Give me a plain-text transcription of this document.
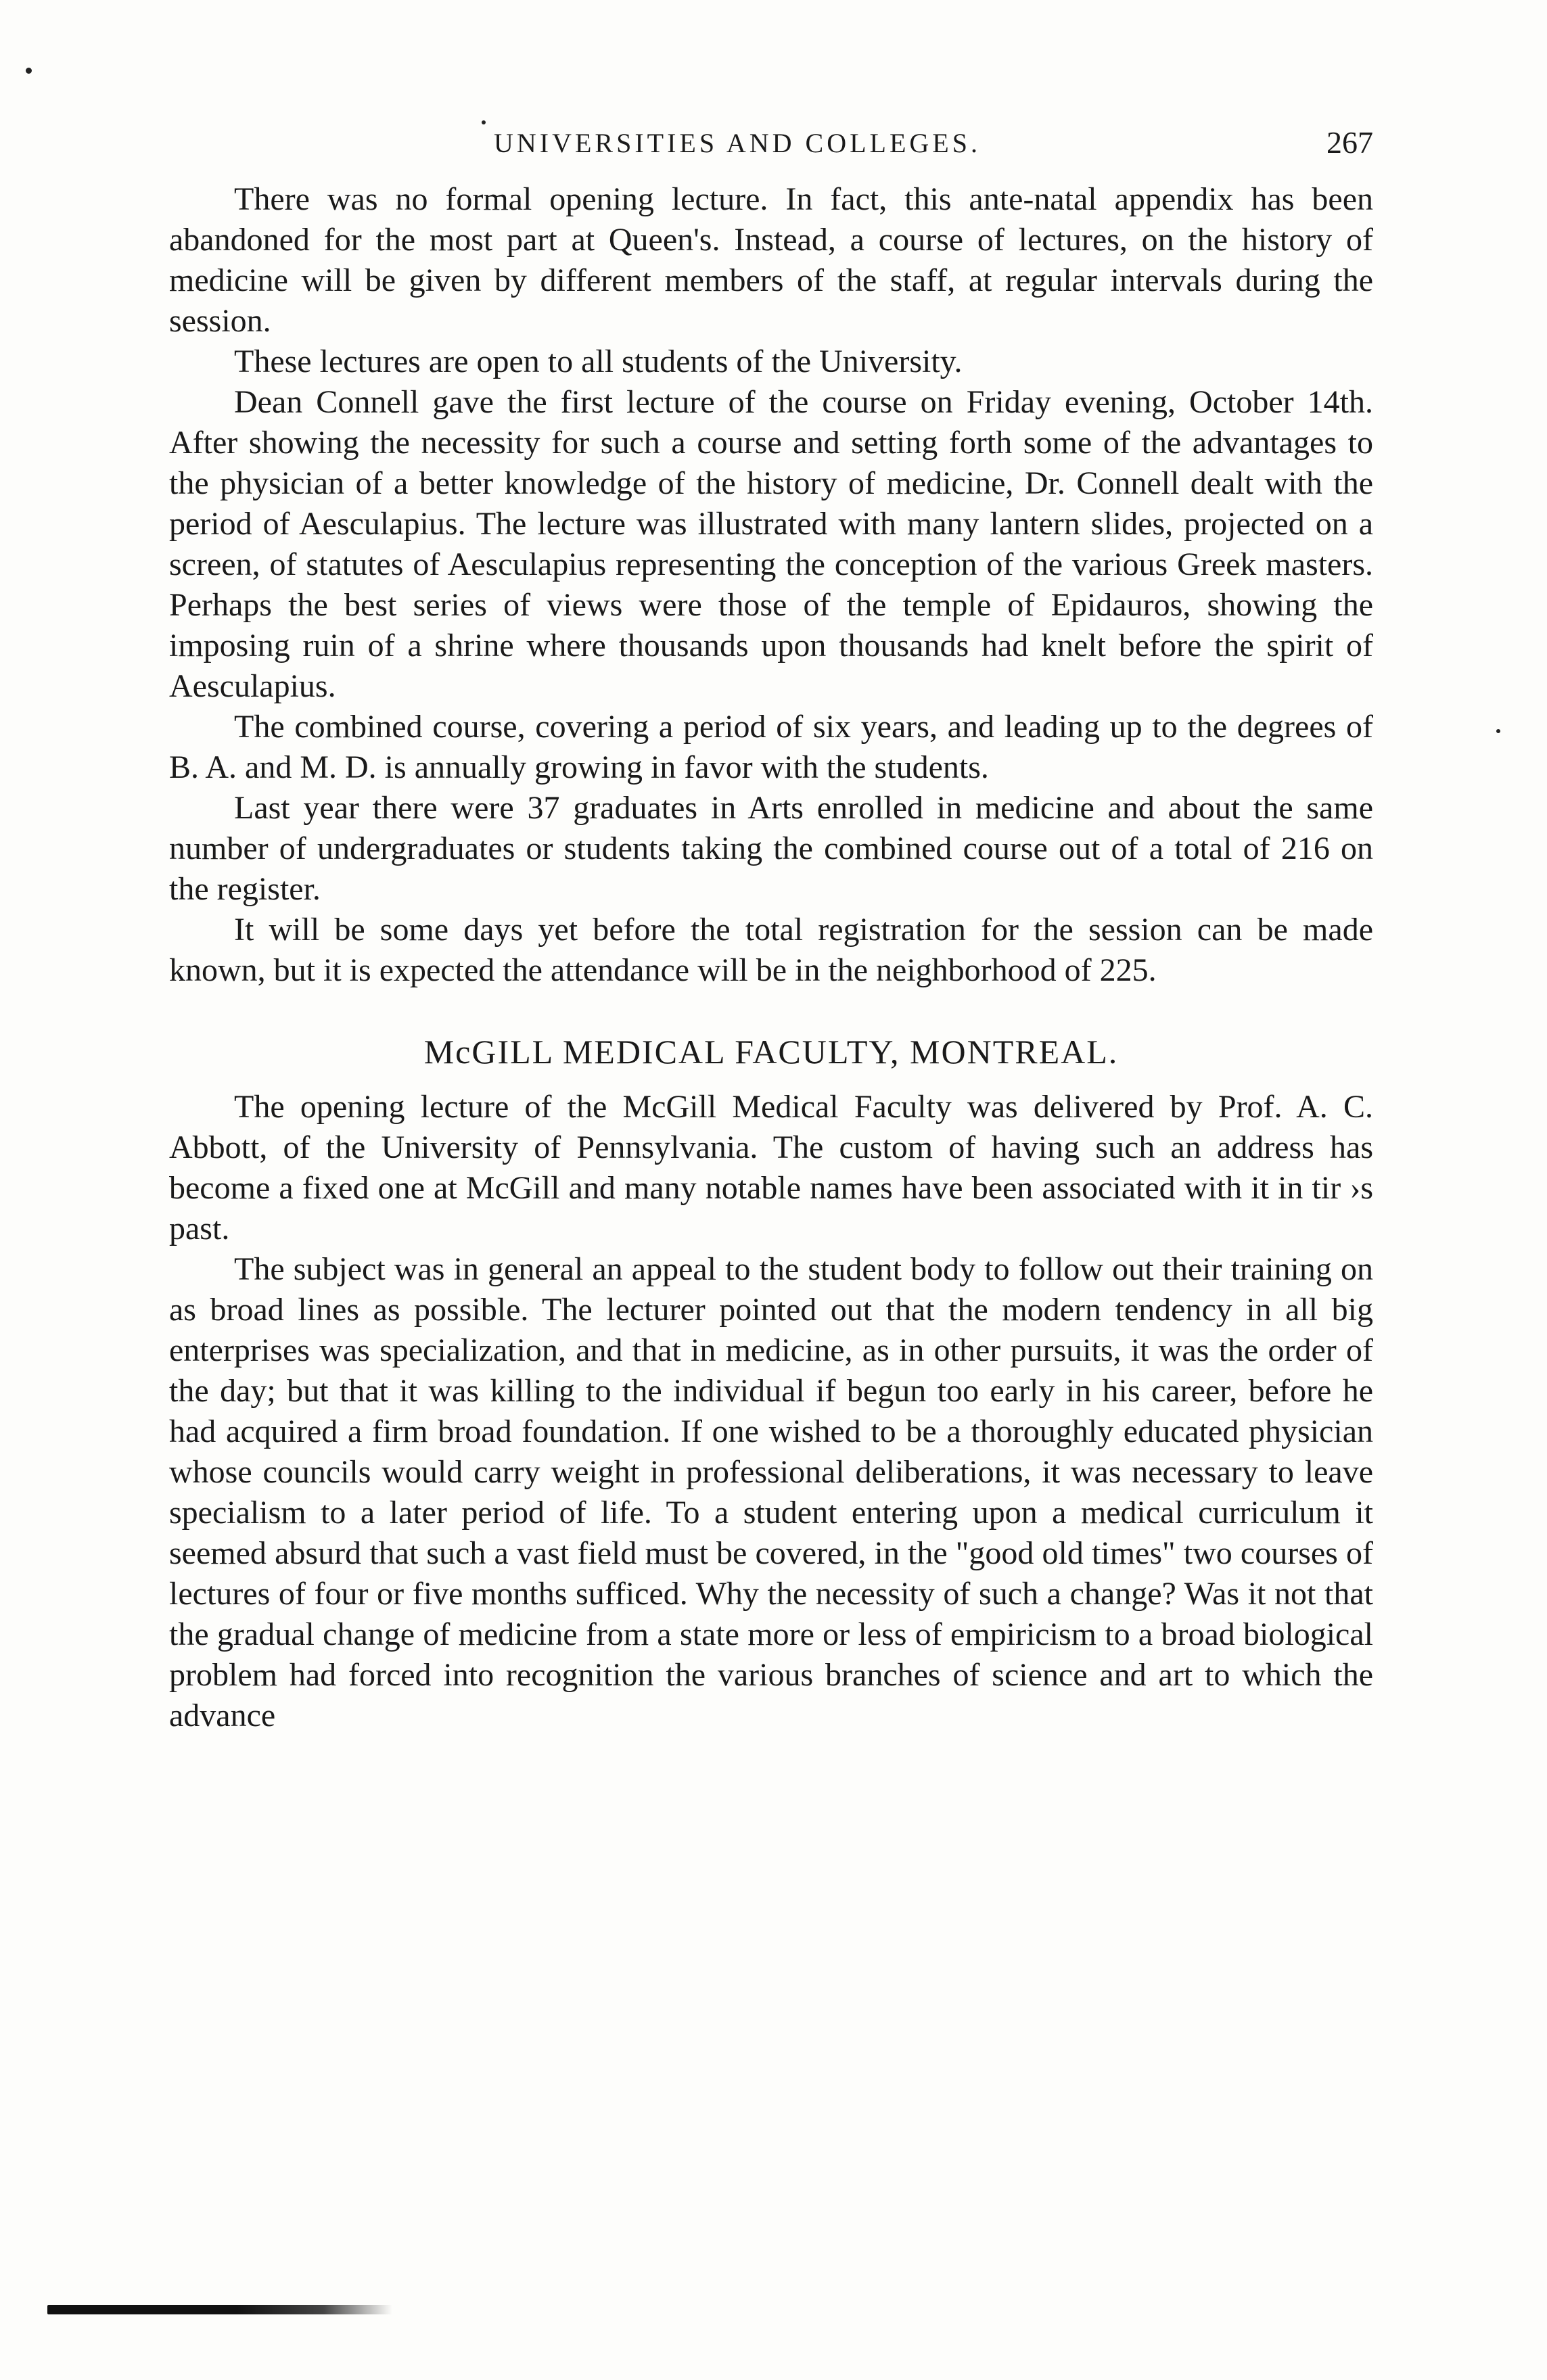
UNIVERSITIES AND COLLEGES.	267

There was no formal opening lecture. In fact, this ante-natal appendix has been abandoned for the most part at Queen's. Instead, a course of lectures, on the history of medicine will be given by different members of the staff, at regular intervals during the session.

These lectures are open to all students of the University.

Dean Connell gave the first lecture of the course on Friday evening, October 14th. After showing the necessity for such a course and setting forth some of the advantages to the physician of a better knowledge of the history of medicine, Dr. Connell dealt with the period of Aesculapius. The lecture was illustrated with many lantern slides, projected on a screen, of statutes of Aesculapius representing the conception of the various Greek masters. Perhaps the best series of views were those of the temple of Epidauros, showing the imposing ruin of a shrine where thousands upon thousands had knelt before the spirit of Aesculapius.

The combined course, covering a period of six years, and leading up to the degrees of B. A. and M. D. is annually growing in favor with the students.

Last year there were 37 graduates in Arts enrolled in medicine and about the same number of undergraduates or students taking the combined course out of a total of 216 on the register.

It will be some days yet before the total registration for the session can be made known, but it is expected the attendance will be in the neighborhood of 225.

McGILL MEDICAL FACULTY, MONTREAL.

The opening lecture of the McGill Medical Faculty was delivered by Prof. A. C. Abbott, of the University of Pennsylvania. The custom of having such an address has become a fixed one at McGill and many notable names have been associated with it in tir ›s past.

The subject was in general an appeal to the student body to follow out their training on as broad lines as possible. The lecturer pointed out that the modern tendency in all big enterprises was specialization, and that in medicine, as in other pursuits, it was the order of the day; but that it was killing to the individual if begun too early in his career, before he had acquired a firm broad foundation. If one wished to be a thoroughly educated physician whose councils would carry weight in professional deliberations, it was necessary to leave specialism to a later period of life. To a student entering upon a medical curriculum it seemed absurd that such a vast field must be covered, in the "good old times" two courses of lectures of four or five months sufficed. Why the necessity of such a change? Was it not that the gradual change of medicine from a state more or less of empiricism to a broad biological problem had forced into recognition the various branches of science and art to which the advance
